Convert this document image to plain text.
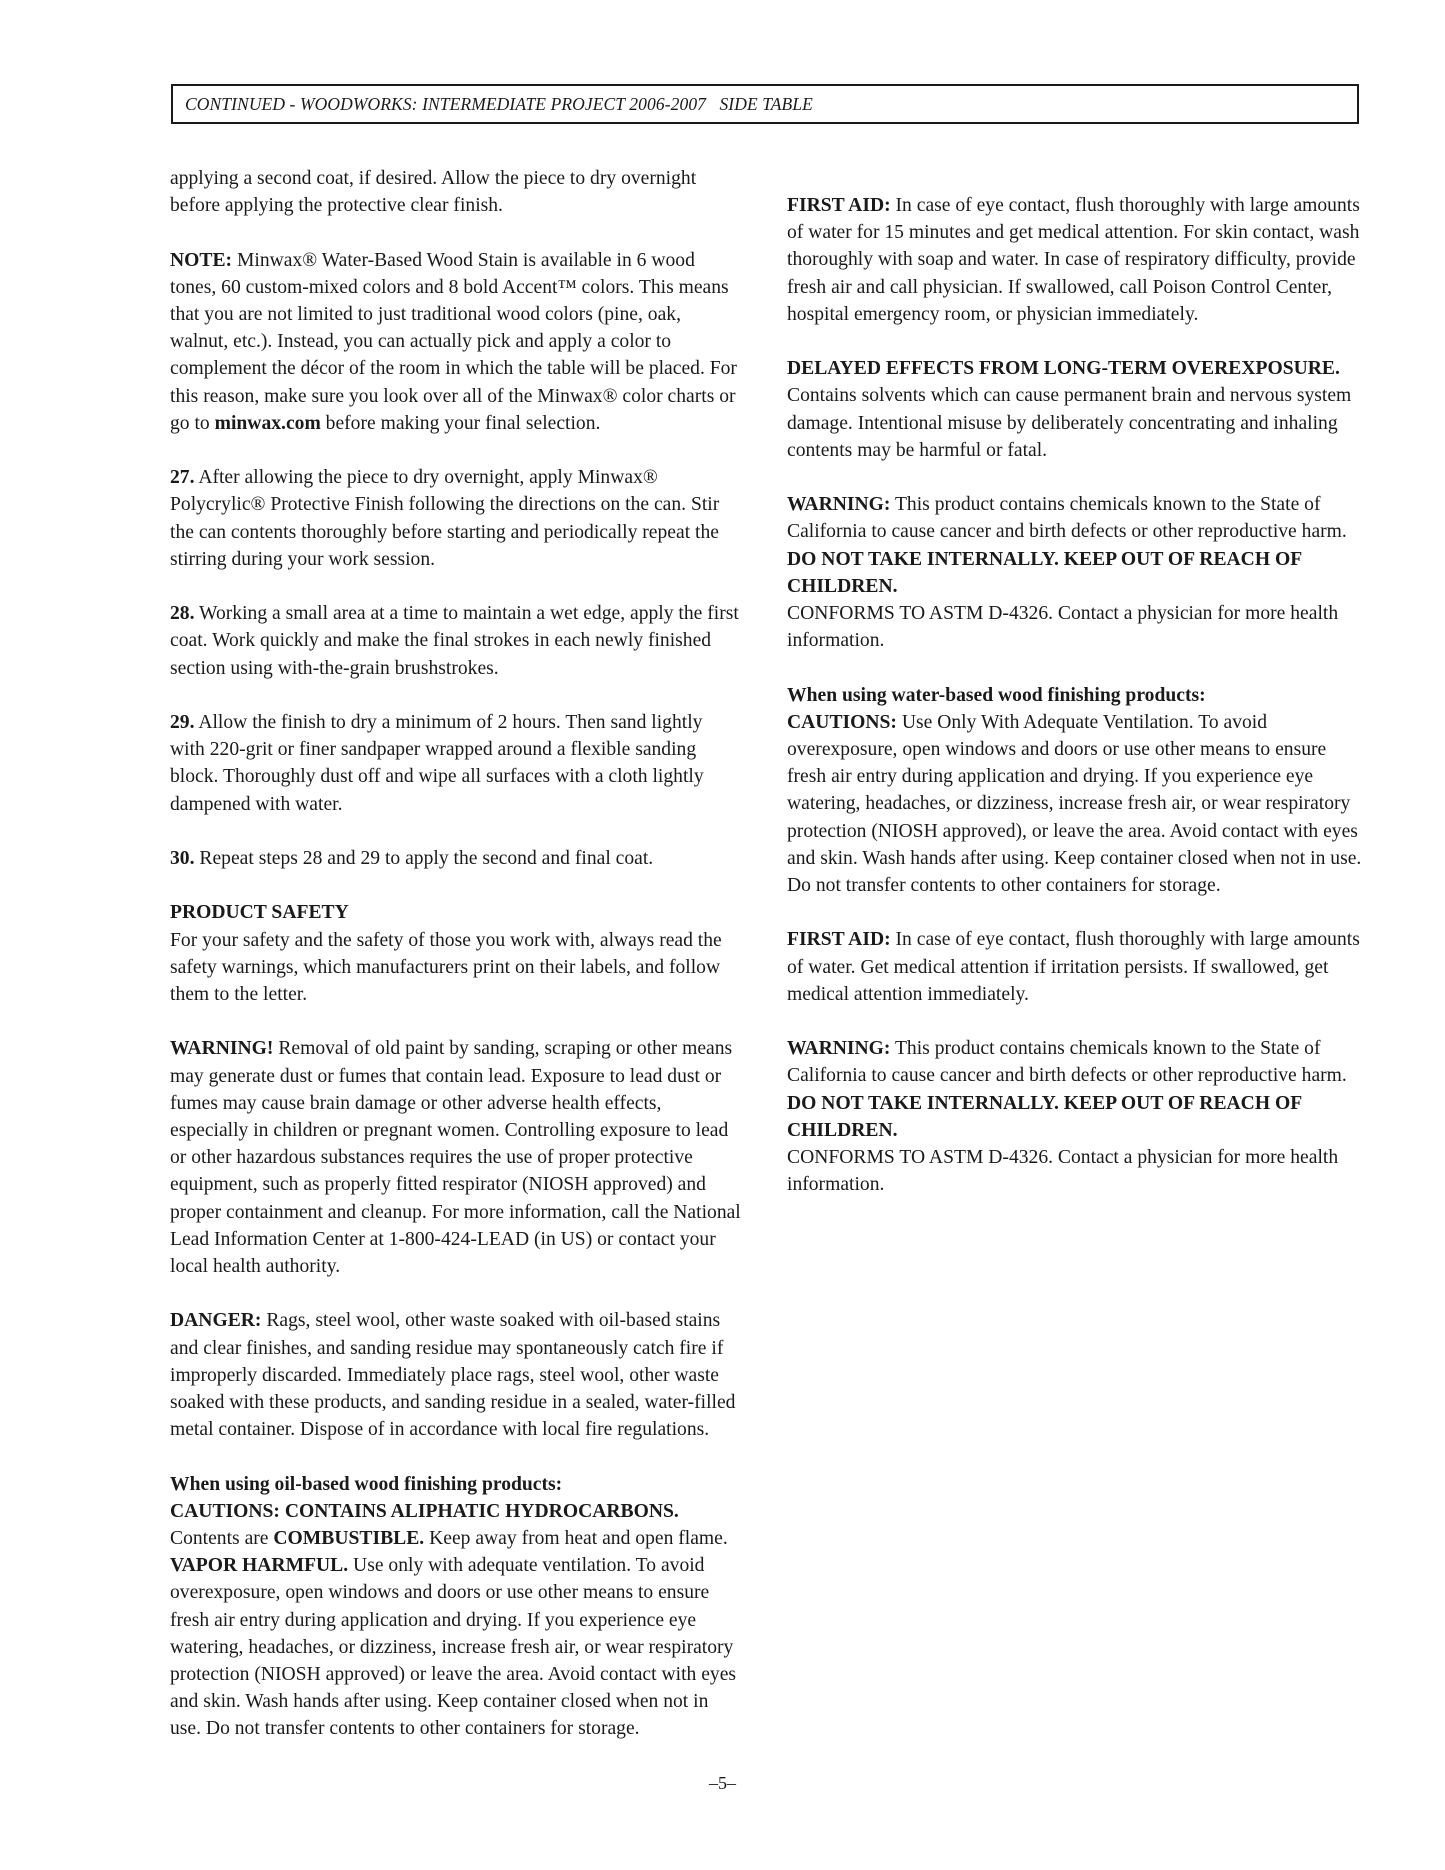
CONTINUED - WOODWORKS: INTERMEDIATE PROJECT 2006-2007   SIDE TABLE

applying a second coat, if desired. Allow the piece to dry overnight before applying the protective clear finish.

NOTE: Minwax® Water-Based Wood Stain is available in 6 wood tones, 60 custom-mixed colors and 8 bold Accent™ colors. This means that you are not limited to just traditional wood colors (pine, oak, walnut, etc.). Instead, you can actually pick and apply a color to complement the décor of the room in which the table will be placed. For this reason, make sure you look over all of the Minwax® color charts or go to minwax.com before making your final selection.

27. After allowing the piece to dry overnight, apply Minwax® Polycrylic® Protective Finish following the directions on the can. Stir the can contents thoroughly before starting and periodically repeat the stirring during your work session.

28. Working a small area at a time to maintain a wet edge, apply the first coat. Work quickly and make the final strokes in each newly finished section using with-the-grain brushstrokes.

29. Allow the finish to dry a minimum of 2 hours. Then sand lightly with 220-grit or finer sandpaper wrapped around a flexible sanding block. Thoroughly dust off and wipe all surfaces with a cloth lightly dampened with water.

30. Repeat steps 28 and 29 to apply the second and final coat.

PRODUCT SAFETY
For your safety and the safety of those you work with, always read the safety warnings, which manufacturers print on their labels, and follow them to the letter.

WARNING! Removal of old paint by sanding, scraping or other means may generate dust or fumes that contain lead. Exposure to lead dust or fumes may cause brain damage or other adverse health effects, especially in children or pregnant women. Controlling exposure to lead or other hazardous substances requires the use of proper protective equipment, such as properly fitted respirator (NIOSH approved) and proper containment and cleanup. For more information, call the National Lead Information Center at 1-800-424-LEAD (in US) or contact your local health authority.

DANGER: Rags, steel wool, other waste soaked with oil-based stains and clear finishes, and sanding residue may spontaneously catch fire if improperly discarded. Immediately place rags, steel wool, other waste soaked with these products, and sanding residue in a sealed, water-filled metal container. Dispose of in accordance with local fire regulations.

When using oil-based wood finishing products:
CAUTIONS: CONTAINS ALIPHATIC HYDROCARBONS. Contents are COMBUSTIBLE. Keep away from heat and open flame. VAPOR HARMFUL. Use only with adequate ventilation. To avoid overexposure, open windows and doors or use other means to ensure fresh air entry during application and drying. If you experience eye watering, headaches, or dizziness, increase fresh air, or wear respiratory protection (NIOSH approved) or leave the area. Avoid contact with eyes and skin. Wash hands after using. Keep container closed when not in use. Do not transfer contents to other containers for storage.

FIRST AID: In case of eye contact, flush thoroughly with large amounts of water for 15 minutes and get medical attention. For skin contact, wash thoroughly with soap and water. In case of respiratory difficulty, provide fresh air and call physician. If swallowed, call Poison Control Center, hospital emergency room, or physician immediately.

DELAYED EFFECTS FROM LONG-TERM OVEREXPOSURE.
Contains solvents which can cause permanent brain and nervous system damage. Intentional misuse by deliberately concentrating and inhaling contents may be harmful or fatal.

WARNING: This product contains chemicals known to the State of California to cause cancer and birth defects or other reproductive harm.
DO NOT TAKE INTERNALLY. KEEP OUT OF REACH OF CHILDREN.
CONFORMS TO ASTM D-4326. Contact a physician for more health information.

When using water-based wood finishing products:
CAUTIONS: Use Only With Adequate Ventilation. To avoid overexposure, open windows and doors or use other means to ensure fresh air entry during application and drying. If you experience eye watering, headaches, or dizziness, increase fresh air, or wear respiratory protection (NIOSH approved), or leave the area. Avoid contact with eyes and skin. Wash hands after using. Keep container closed when not in use. Do not transfer contents to other containers for storage.

FIRST AID: In case of eye contact, flush thoroughly with large amounts of water. Get medical attention if irritation persists. If swallowed, get medical attention immediately.

WARNING: This product contains chemicals known to the State of California to cause cancer and birth defects or other reproductive harm.
DO NOT TAKE INTERNALLY. KEEP OUT OF REACH OF CHILDREN.
CONFORMS TO ASTM D-4326. Contact a physician for more health information.

–5–
